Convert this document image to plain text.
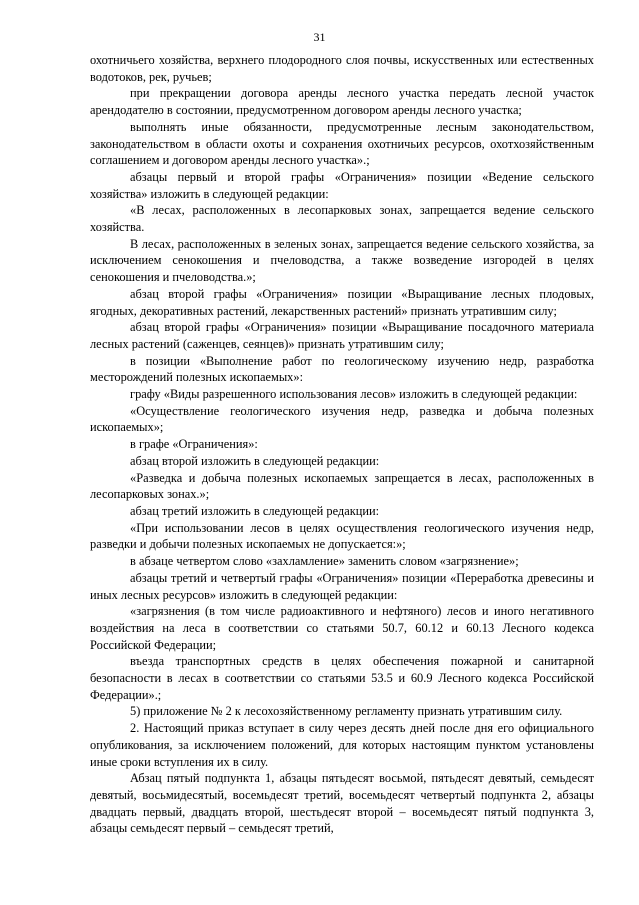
31

охотничьего хозяйства, верхнего плодородного слоя почвы, искусственных или естественных водотоков, рек, ручьев;

при прекращении договора аренды лесного участка передать лесной участок арендодателю в состоянии, предусмотренном договором аренды лесного участка;

выполнять иные обязанности, предусмотренные лесным законодательством, законодательством в области охоты и сохранения охотничьих ресурсов, охотхозяйственным соглашением и договором аренды лесного участка».;

абзацы первый и второй графы «Ограничения» позиции «Ведение сельского хозяйства» изложить в следующей редакции:

«В лесах, расположенных в лесопарковых зонах, запрещается ведение сельского хозяйства.

В лесах, расположенных в зеленых зонах, запрещается ведение сельского хозяйства, за исключением сенокошения и пчеловодства, а также возведение изгородей в целях сенокошения и пчеловодства.»;

абзац второй графы «Ограничения» позиции «Выращивание лесных плодовых, ягодных, декоративных растений, лекарственных растений» признать утратившим силу;

абзац второй графы «Ограничения» позиции «Выращивание посадочного материала лесных растений (саженцев, сеянцев)» признать утратившим силу;

в позиции «Выполнение работ по геологическому изучению недр, разработка месторождений полезных ископаемых»:

графу «Виды разрешенного использования лесов» изложить в следующей редакции:

«Осуществление геологического изучения недр, разведка и добыча полезных ископаемых»;

в графе «Ограничения»:

абзац второй изложить в следующей редакции:

«Разведка и добыча полезных ископаемых запрещается в лесах, расположенных в лесопарковых зонах.»;

абзац третий изложить в следующей редакции:

«При использовании лесов в целях осуществления геологического изучения недр, разведки и добычи полезных ископаемых не допускается:»;

в абзаце четвертом слово «захламление» заменить словом «загрязнение»;

абзацы третий и четвертый графы «Ограничения» позиции «Переработка древесины и иных лесных ресурсов» изложить в следующей редакции:

«загрязнения (в том числе радиоактивного и нефтяного) лесов и иного негативного воздействия на леса в соответствии со статьями 50.7, 60.12 и 60.13 Лесного кодекса Российской Федерации;

въезда транспортных средств в целях обеспечения пожарной и санитарной безопасности в лесах в соответствии со статьями 53.5 и 60.9 Лесного кодекса Российской Федерации».;

5) приложение № 2 к лесохозяйственному регламенту признать утратившим силу.

2. Настоящий приказ вступает в силу через десять дней после дня его официального опубликования, за исключением положений, для которых настоящим пунктом установлены иные сроки вступления их в силу.

Абзац пятый подпункта 1, абзацы пятьдесят восьмой, пятьдесят девятый, семьдесят девятый, восьмидесятый, восемьдесят третий, восемьдесят четвертый подпункта 2, абзацы двадцать первый, двадцать второй, шестьдесят второй – восемьдесят пятый подпункта 3, абзацы семьдесят первый – семьдесят третий,
